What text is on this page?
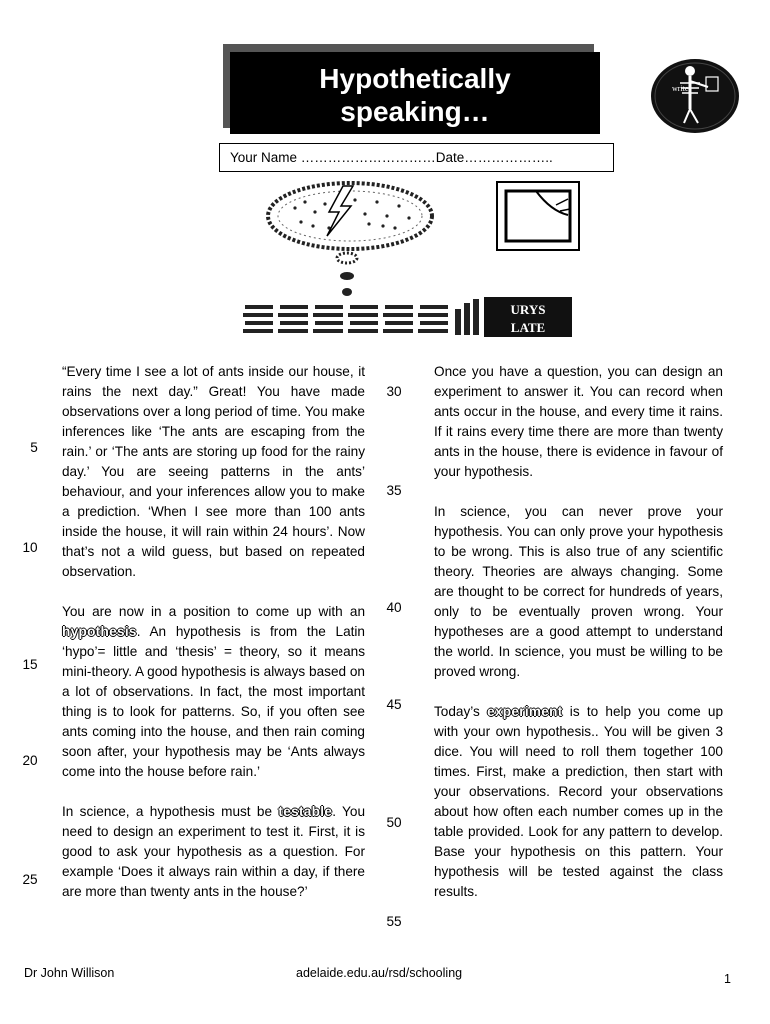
Hypothetically
speaking…
write
Your Name …………………………Date………………..
URYS
LATE
5
10
15
20
25
30
35
40
45
50
55

“Every time I see a lot of ants inside our house, it rains the next day.” Great! You have made observations over a long period of time. You make inferences like ‘The ants are escaping from the rain.’ or ‘The ants are storing up food for the rainy day.’ You are seeing patterns in the ants’ behaviour, and your inferences allow you to make a prediction. ‘When I see more than 100 ants inside the house, it will rain within 24 hours’. Now that’s not a wild guess, but based on repeated observation.

You are now in a position to come up with an hypothesis. An hypothesis is from the Latin ‘hypo’= little and ‘thesis’ = theory, so it means mini-theory. A good hypothesis is always based on a lot of observations. In fact, the most important thing is to look for patterns. So, if you often see ants coming into the house, and then rain coming soon after, your hypothesis may be ‘Ants always come into the house before rain.’

In science, a hypothesis must be testable. You need to design an experiment to test it. First, it is good to ask your hypothesis as a question. For example ‘Does it always rain within a day, if there are more than twenty ants in the house?’

Once you have a question, you can design an experiment to answer it. You can record when ants occur in the house, and every time it rains. If it rains every time there are more than twenty ants in the house, there is evidence in favour of your hypothesis.

In science, you can never prove your hypothesis. You can only prove your hypothesis to be wrong. This is also true of any scientific theory. Theories are always changing. Some are thought to be correct for hundreds of years, only to be eventually proven wrong. Your hypotheses are a good attempt to understand the world. In science, you must be willing to be proved wrong.

Today’s experiment is to help you come up with your own hypothesis.. You will be given 3 dice. You will need to roll them together 100 times. First, make a prediction, then start with your observations. Record your observations about how often each number comes up in the table provided. Look for any pattern to develop. Base your hypothesis on this pattern. Your hypothesis will be tested against the class results.

Dr John Willison	adelaide.edu.au/rsd/schooling	1
